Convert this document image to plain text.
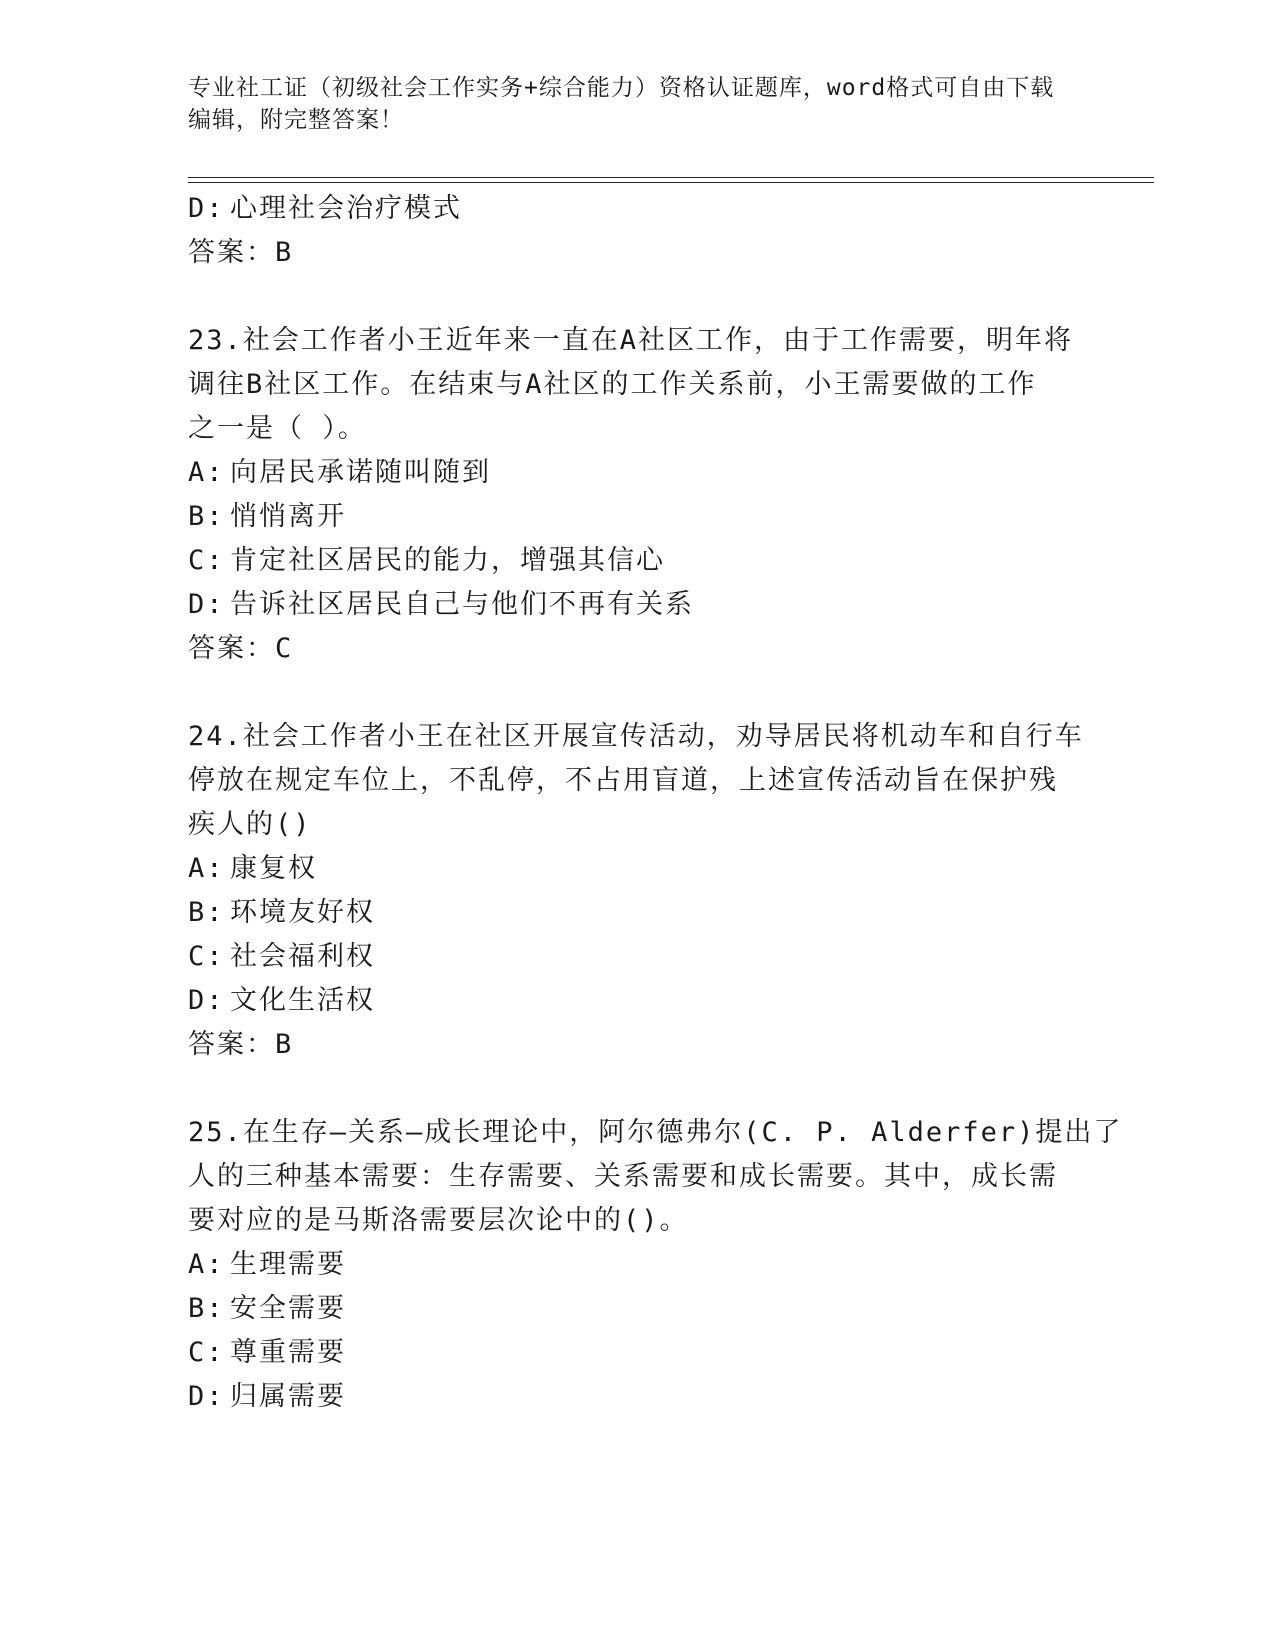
专业社工证（初级社会工作实务+综合能力）资格认证题库，word格式可自由下载
编辑，附完整答案！
D: 心理社会治疗模式
答案：B
23.社会工作者小王近年来一直在A社区工作，由于工作需要，明年将
调往B社区工作。在结束与A社区的工作关系前，小王需要做的工作
之一是（ ）。
A: 向居民承诺随叫随到
B: 悄悄离开
C: 肯定社区居民的能力，增强其信心
D: 告诉社区居民自己与他们不再有关系
答案：C
24.社会工作者小王在社区开展宣传活动，劝导居民将机动车和自行车
停放在规定车位上，不乱停，不占用盲道，上述宣传活动旨在保护残
疾人的()
A: 康复权
B: 环境友好权
C: 社会福利权
D: 文化生活权
答案：B
25.在生存—关系—成长理论中，阿尔德弗尔(C. P. Alderfer)提出了
人的三种基本需要：生存需要、关系需要和成长需要。其中，成长需
要对应的是马斯洛需要层次论中的()。
A: 生理需要
B: 安全需要
C: 尊重需要
D: 归属需要
